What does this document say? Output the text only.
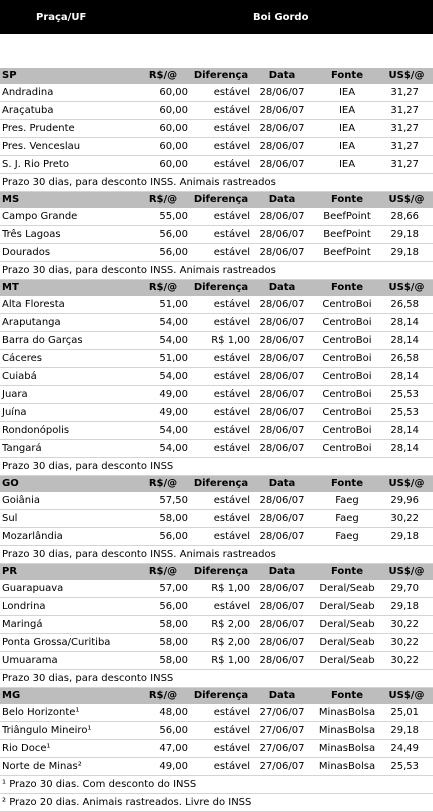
Praça/UF	Boi Gordo
SP	R$/@	Diferença	Data	Fonte	US$/@
Andradina	60,00	estável	28/06/07	IEA	31,27
Araçatuba	60,00	estável	28/06/07	IEA	31,27
Pres. Prudente	60,00	estável	28/06/07	IEA	31,27
Pres. Venceslau	60,00	estável	28/06/07	IEA	31,27
S. J. Rio Preto	60,00	estável	28/06/07	IEA	31,27
Prazo 30 dias, para desconto INSS. Animais rastreados					
MS	R$/@	Diferença	Data	Fonte	US$/@
Campo Grande	55,00	estável	28/06/07	BeefPoint	28,66
Três Lagoas	56,00	estável	28/06/07	BeefPoint	29,18
Dourados	56,00	estável	28/06/07	BeefPoint	29,18
Prazo 30 dias, para desconto INSS. Animais rastreados					
MT	R$/@	Diferença	Data	Fonte	US$/@
Alta Floresta	51,00	estável	28/06/07	CentroBoi	26,58
Araputanga	54,00	estável	28/06/07	CentroBoi	28,14
Barra do Garças	54,00	R$ 1,00	28/06/07	CentroBoi	28,14
Cáceres	51,00	estável	28/06/07	CentroBoi	26,58
Cuiabá	54,00	estável	28/06/07	CentroBoi	28,14
Juara	49,00	estável	28/06/07	CentroBoi	25,53
Juína	49,00	estável	28/06/07	CentroBoi	25,53
Rondonópolis	54,00	estável	28/06/07	CentroBoi	28,14
Tangará	54,00	estável	28/06/07	CentroBoi	28,14
Prazo 30 dias, para desconto INSS					
GO	R$/@	Diferença	Data	Fonte	US$/@
Goiânia	57,50	estável	28/06/07	Faeg	29,96
Sul	58,00	estável	28/06/07	Faeg	30,22
Mozarlândia	56,00	estável	28/06/07	Faeg	29,18
Prazo 30 dias, para desconto INSS. Animais rastreados					
PR	R$/@	Diferença	Data	Fonte	US$/@
Guarapuava	57,00	R$ 1,00	28/06/07	Deral/Seab	29,70
Londrina	56,00	estável	28/06/07	Deral/Seab	29,18
Maringá	58,00	R$ 2,00	28/06/07	Deral/Seab	30,22
Ponta Grossa/Curitiba	58,00	R$ 2,00	28/06/07	Deral/Seab	30,22
Umuarama	58,00	R$ 1,00	28/06/07	Deral/Seab	30,22
Prazo 30 dias, para desconto INSS					
MG	R$/@	Diferença	Data	Fonte	US$/@
Belo Horizonte¹	48,00	estável	27/06/07	MinasBolsa	25,01
Triângulo Mineiro¹	56,00	estável	27/06/07	MinasBolsa	29,18
Rio Doce¹	47,00	estável	27/06/07	MinasBolsa	24,49
Norte de Minas²	49,00	estável	27/06/07	MinasBolsa	25,53
¹ Prazo 30 dias. Com desconto do INSS					
² Prazo 20 dias. Animais rastreados. Livre do INSS					
